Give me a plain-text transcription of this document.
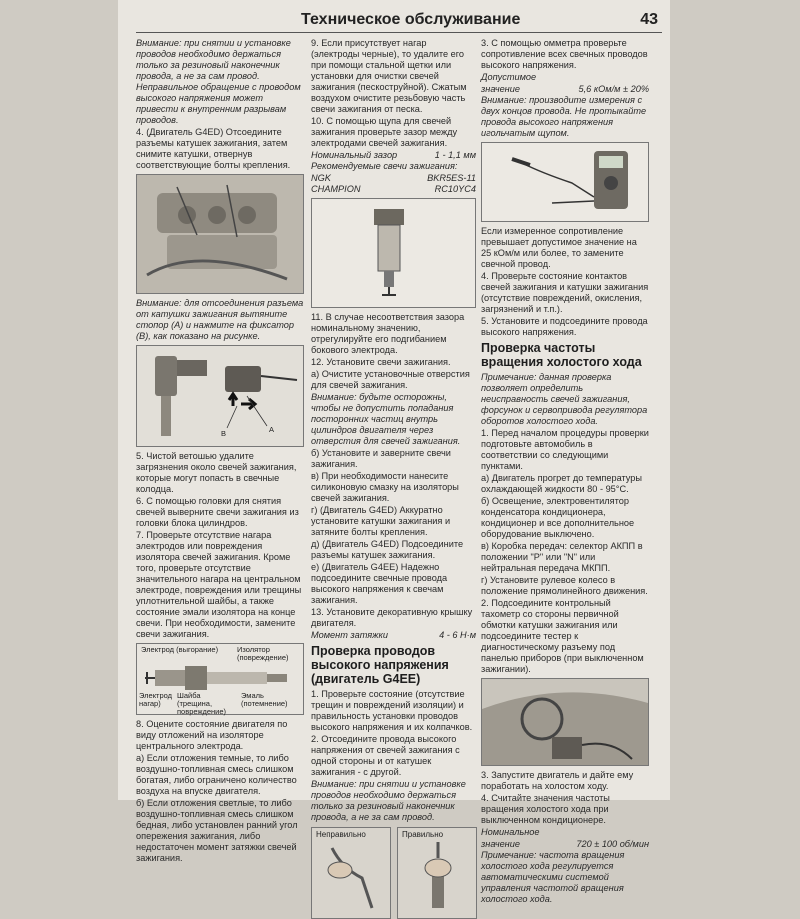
Техническое обслуживание	43

Внимание: при снятии и установке проводов необходимо держаться только за резиновый наконечник провода, а не за сам провод. Неправильное обращение с проводом высокого напряжения может привести к внутренним разрывам проводов.

4. (Двигатель G4ED) Отсоедините разъемы катушек зажигания, затем снимите катушки, отвернув соответствующие болты крепления.

Внимание: для отсоединения разъема от катушки зажигания вытяните стопор (A) и нажмите на фиксатор (B), как показано на рисунке.

A
B

5. Чистой ветошью удалите загрязнения около свечей зажигания, которые могут попасть в свечные колодца.

6. С помощью головки для снятия свечей выверните свечи зажигания из головки блока цилиндров.

7. Проверьте отсутствие нагара электродов или повреждения изолятора свечей зажигания. Кроме того, проверьте отсутствие значительного нагара на центральном электроде, повреждения или трещины уплотнительной шайбы, а также состояние эмали изолятора на конце свечи. При необходимости, замените свечи зажигания.

Электрод (выгорание)	Изолятор (повреждение)
Электрод нагар)
Шайба (трещина, повреждение)
Эмаль (потемнение)

8. Оцените состояние двигателя по виду отложений на изоляторе центрального электрода.

а) Если отложения темные, то либо воздушно-топливная смесь слишком богатая, либо ограничено количество воздуха на впуске двигателя.

б) Если отложения светлые, то либо воздушно-топливная смесь слишком бедная, либо установлен ранний угол опережения зажигания, либо недостаточен момент затяжки свечей зажигания.

9. Если присутствует нагар (электроды черные), то удалите его при помощи стальной щетки или установки для очистки свечей зажигания (пескоструйной). Сжатым воздухом очистите резьбовую часть свечи зажигания от песка.

10. С помощью щупа для свечей зажигания проверьте зазор между электродами свечей зажигания.

Номинальный зазор	1 - 1,1 мм

Рекомендуемые свечи зажигания:

NGK	BKR5ES-11
CHAMPION	RC10YC4

11. В случае несоответствия зазора номинальному значению, отрегулируйте его подгибанием бокового электрода.

12. Установите свечи зажигания.

а) Очистите установочные отверстия для свечей зажигания.

Внимание: будьте осторожны, чтобы не допустить попадания посторонних частиц внутрь цилиндров двигателя через отверстия для свечей зажигания.

б) Установите и заверните свечи зажигания.

в) При необходимости нанесите силиконовую смазку на изоляторы свечей зажигания.

г) (Двигатель G4ED) Аккуратно установите катушки зажигания и затяните болты крепления.

д) (Двигатель G4ED) Подсоедините разъемы катушек зажигания.

е) (Двигатель G4EE) Надежно подсоедините свечные провода высокого напряжения к свечам зажигания.

13. Установите декоративную крышку двигателя.

Момент затяжки	4 - 6 Н·м
Проверка проводов высокого напряжения (двигатель G4EE)

1. Проверьте состояние (отсутствие трещин и повреждений изоляции) и правильность установки проводов высокого напряжения и их колпачков.

2. Отсоедините провода высокого напряжения от свечей зажигания с одной стороны и от катушек зажигания - с другой.

Внимание: при снятии и установке проводов необходимо держаться только за резиновый наконечник провода, а не за сам провод.

Неправильно	Правильно

3. С помощью омметра проверьте сопротивление всех свечных проводов высокого напряжения.

Допустимое

значение	5,6 кОм/м ± 20%

Внимание: производите измерения с двух концов провода. Не протыкайте провода высокого напряжения игольчатым щупом.

Если измеренное сопротивление превышает допустимое значение на 25 кОм/м или более, то замените свечной провод.

4. Проверьте состояние контактов свечей зажигания и катушки зажигания (отсутствие повреждений, окисления, загрязнений и т.п.).

5. Установите и подсоедините провода высокого напряжения.

Проверка частоты вращения холостого хода

Примечание: данная проверка позволяет определить неисправность свечей зажигания, форсунок и сервопривода регулятора оборотов холостого хода.

1. Перед началом процедуры проверки подготовьте автомобиль в соответствии со следующими пунктами.

а) Двигатель прогрет до температуры охлаждающей жидкости 80 - 95°С.

б) Освещение, электровентилятор конденсатора кондиционера, кондиционер и все дополнительное оборудование выключено.

в) Коробка передач: селектор АКПП в положении "P" или "N" или нейтральная передача МКПП.

г) Установите рулевое колесо в положение прямолинейного движения.

2. Подсоедините контрольный тахометр со стороны первичной обмотки катушки зажигания или подсоедините тестер к диагностическому разъему под панелью приборов (при выключенном зажигании).

3. Запустите двигатель и дайте ему поработать на холостом ходу.

4. Считайте значения частоты вращения холостого хода при выключенном кондиционере.

Номинальное

значение	720 ± 100 об/мин

Примечание: частота вращения холостого хода регулируется автоматическими системой управления частотой вращения холостого хода.
